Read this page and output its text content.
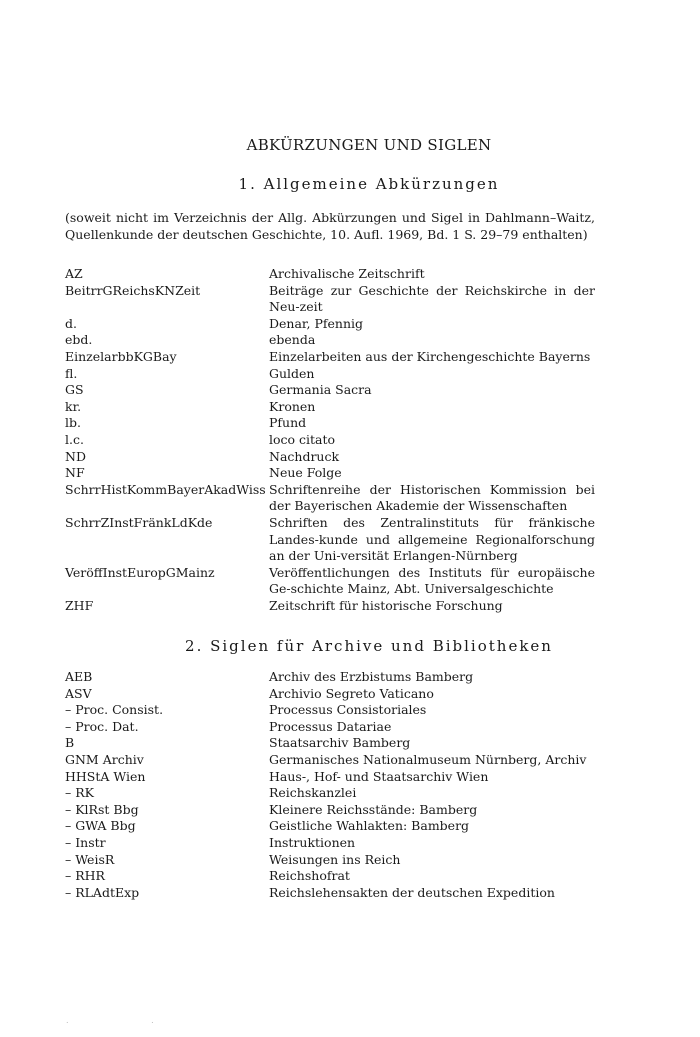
ABKÜRZUNGEN UND SIGLEN
1. Allgemeine Abkürzungen
(soweit nicht im Verzeichnis der Allg. Abkürzungen und Sigel in Dahlmann–Waitz, Quellenkunde der deutschen Geschichte, 10. Aufl. 1969, Bd. 1 S. 29–79 enthalten)
AZ	Archivalische Zeitschrift
BeitrrGReichsKNZeit	Beiträge zur Geschichte der Reichskirche in der Neu-zeit
d.	Denar, Pfennig
ebd.	ebenda
EinzelarbbKGBay	Einzelarbeiten aus der Kirchengeschichte Bayerns
fl.	Gulden
GS	Germania Sacra
kr.	Kronen
lb.	Pfund
l.c.	loco citato
ND	Nachdruck
NF	Neue Folge
SchrrHistKommBayerAkadWiss Schriftenreihe der Historischen Kommission bei der Bayerischen Akademie der Wissenschaften
SchrrZInstFränkLdKde	Schriften des Zentralinstituts für fränkische Landes-kunde und allgemeine Regionalforschung an der Uni-versität Erlangen-Nürnberg
VeröffInstEuropGMainz	Veröffentlichungen des Instituts für europäische Ge-schichte Mainz, Abt. Universalgeschichte
ZHF	Zeitschrift für historische Forschung
2. Siglen für Archive und Bibliotheken
AEB	Archiv des Erzbistums Bamberg
ASV	Archivio Segreto Vaticano
– Proc. Consist.	Processus Consistoriales
– Proc. Dat.	Processus Datariae
B	Staatsarchiv Bamberg
GNM Archiv	Germanisches Nationalmuseum Nürnberg, Archiv
HHStA Wien	Haus-, Hof- und Staatsarchiv Wien
– RK	Reichskanzlei
– KlRst Bbg	Kleinere Reichsstände: Bamberg
– GWA Bbg	Geistliche Wahlakten: Bamberg
– Instr	Instruktionen
– WeisR	Weisungen ins Reich
– RHR	Reichshofrat
– RLAdtExp	Reichslehensakten der deutschen Expedition
. .
